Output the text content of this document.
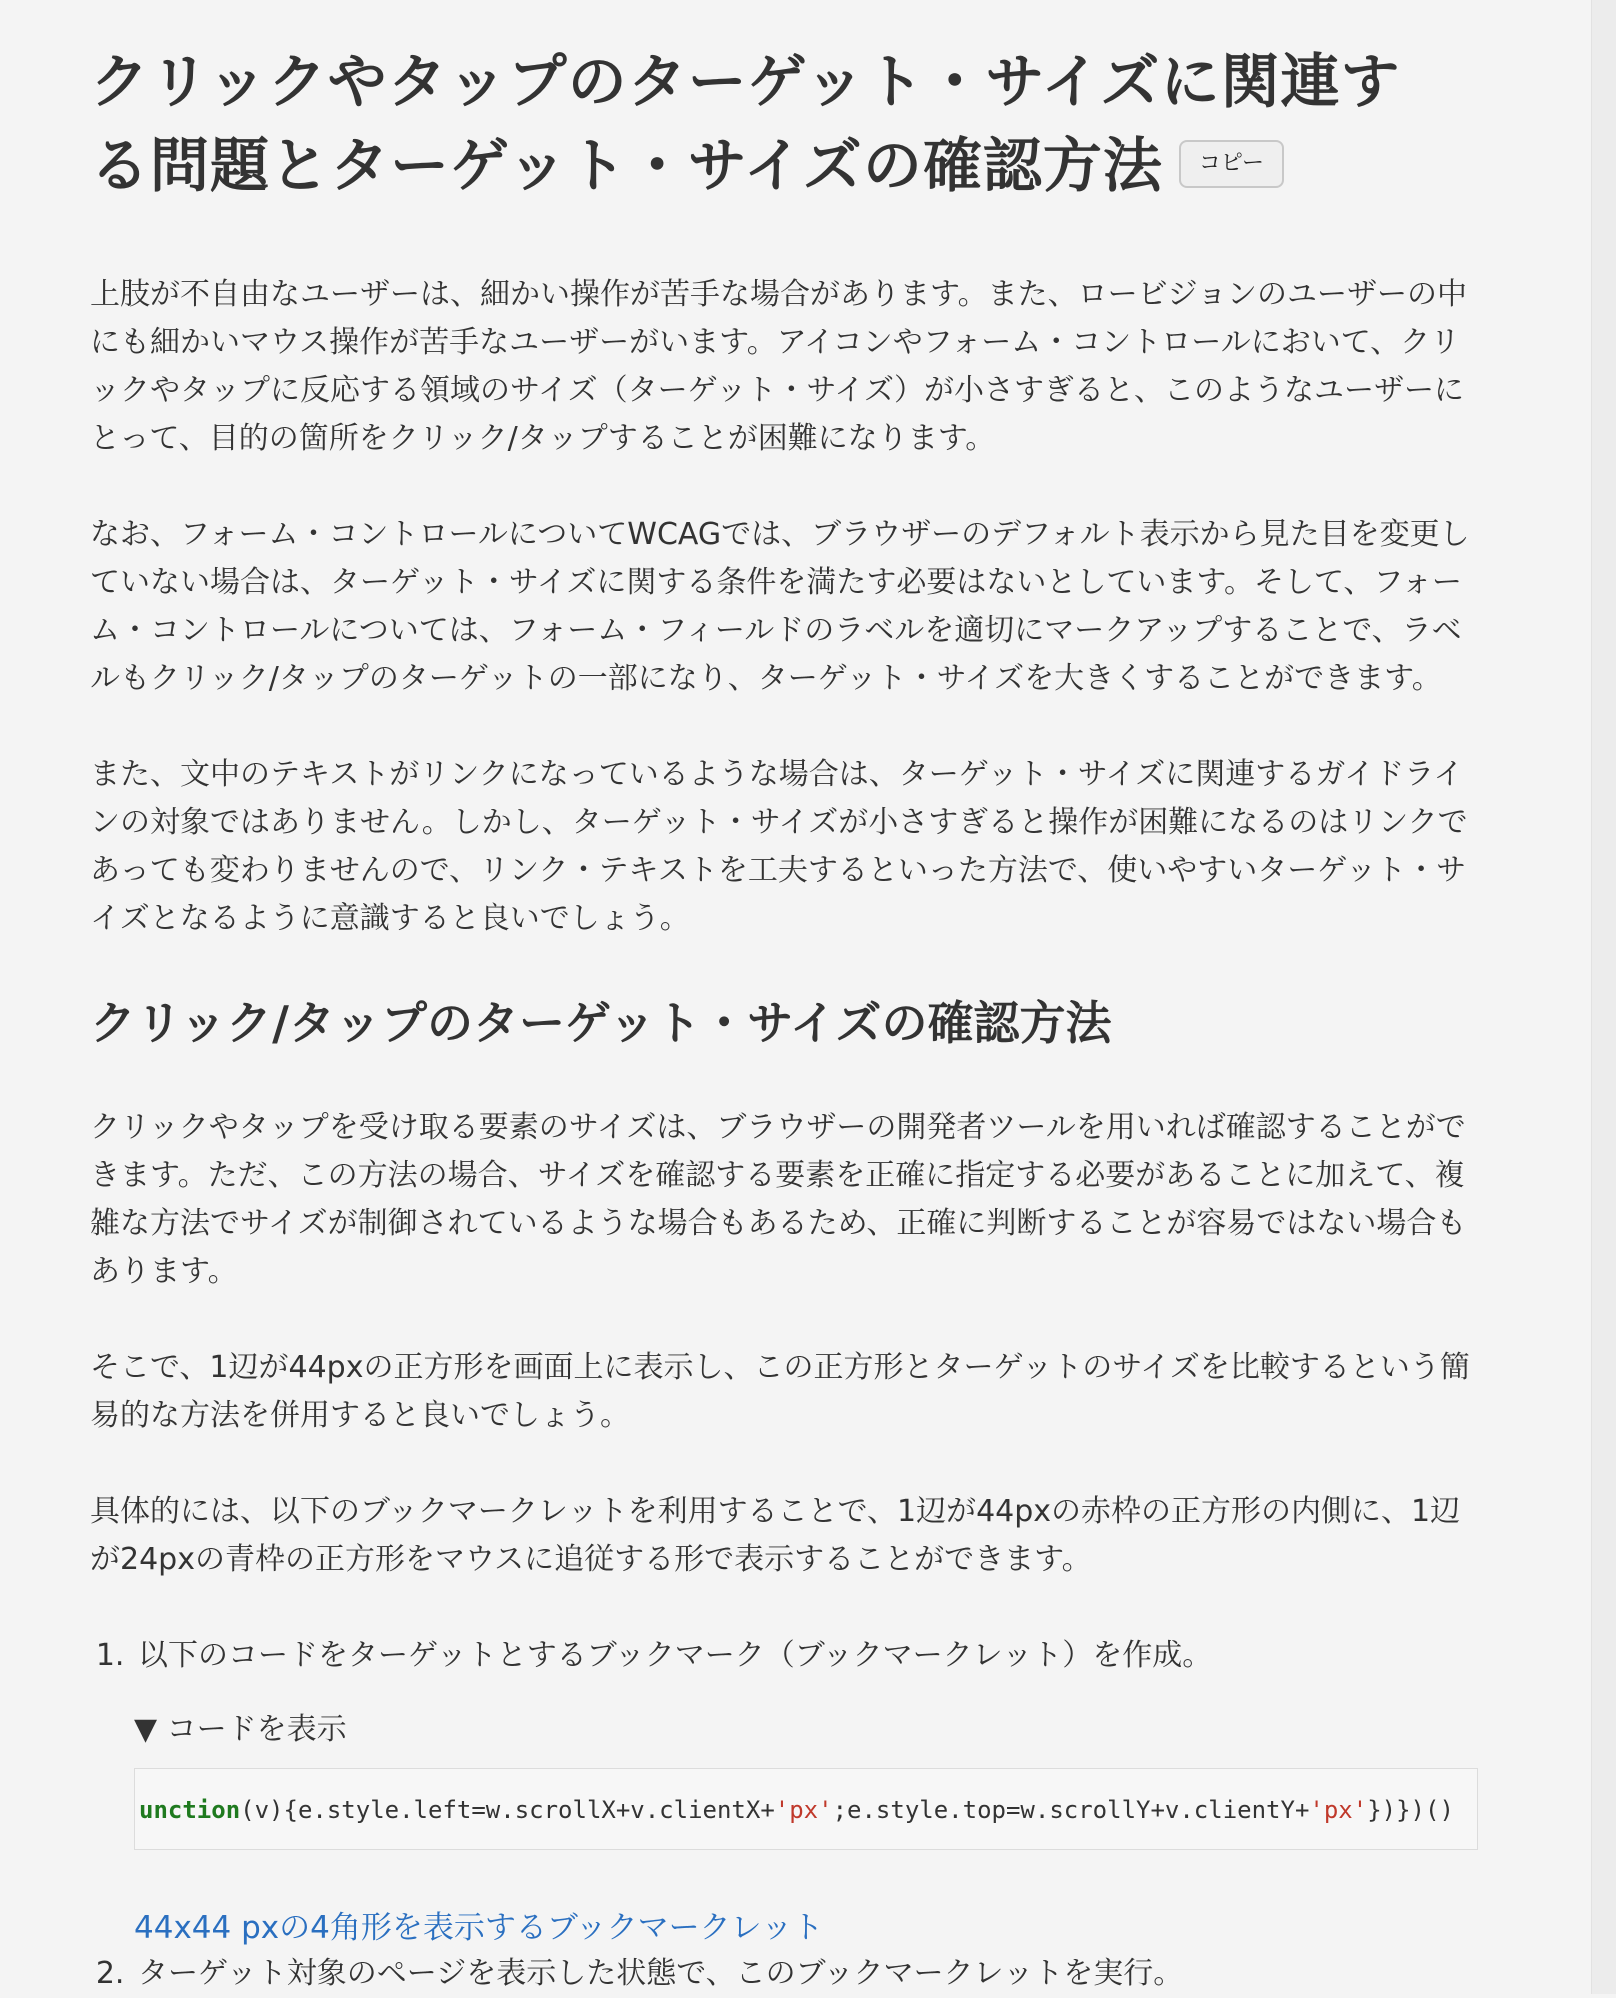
クリックやタップのターゲット・サイズに関連する問題とターゲット・サイズの確認方法 コピー

上肢が不自由なユーザーは、細かい操作が苦手な場合があります。また、ロービジョンのユーザーの中にも細かいマウス操作が苦手なユーザーがいます。アイコンやフォーム・コントロールにおいて、クリックやタップに反応する領域のサイズ（ターゲット・サイズ）が小さすぎると、このようなユーザーにとって、目的の箇所をクリック/タップすることが困難になります。

なお、フォーム・コントロールについてWCAGでは、ブラウザーのデフォルト表示から見た目を変更していない場合は、ターゲット・サイズに関する条件を満たす必要はないとしています。そして、フォーム・コントロールについては、フォーム・フィールドのラベルを適切にマークアップすることで、ラベルもクリック/タップのターゲットの一部になり、ターゲット・サイズを大きくすることができます。

また、文中のテキストがリンクになっているような場合は、ターゲット・サイズに関連するガイドラインの対象ではありません。しかし、ターゲット・サイズが小さすぎると操作が困難になるのはリンクであっても変わりませんので、リンク・テキストを工夫するといった方法で、使いやすいターゲット・サイズとなるように意識すると良いでしょう。

クリック/タップのターゲット・サイズの確認方法

クリックやタップを受け取る要素のサイズは、ブラウザーの開発者ツールを用いれば確認することができます。ただ、この方法の場合、サイズを確認する要素を正確に指定する必要があることに加えて、複雑な方法でサイズが制御されているような場合もあるため、正確に判断することが容易ではない場合もあります。

そこで、1辺が44pxの正方形を画面上に表示し、この正方形とターゲットのサイズを比較するという簡易的な方法を併用すると良いでしょう。

具体的には、以下のブックマークレットを利用することで、1辺が44pxの赤枠の正方形の内側に、1辺が24pxの青枠の正方形をマウスに追従する形で表示することができます。

1. 以下のコードをターゲットとするブックマーク（ブックマークレット）を作成。
▼ コードを表示
unction(v){e.style.left=w.scrollX+v.clientX+'px';e.style.top=w.scrollY+v.clientY+'px'})})()
44x44 pxの4角形を表示するブックマークレット
2. ターゲット対象のページを表示した状態で、このブックマークレットを実行。
